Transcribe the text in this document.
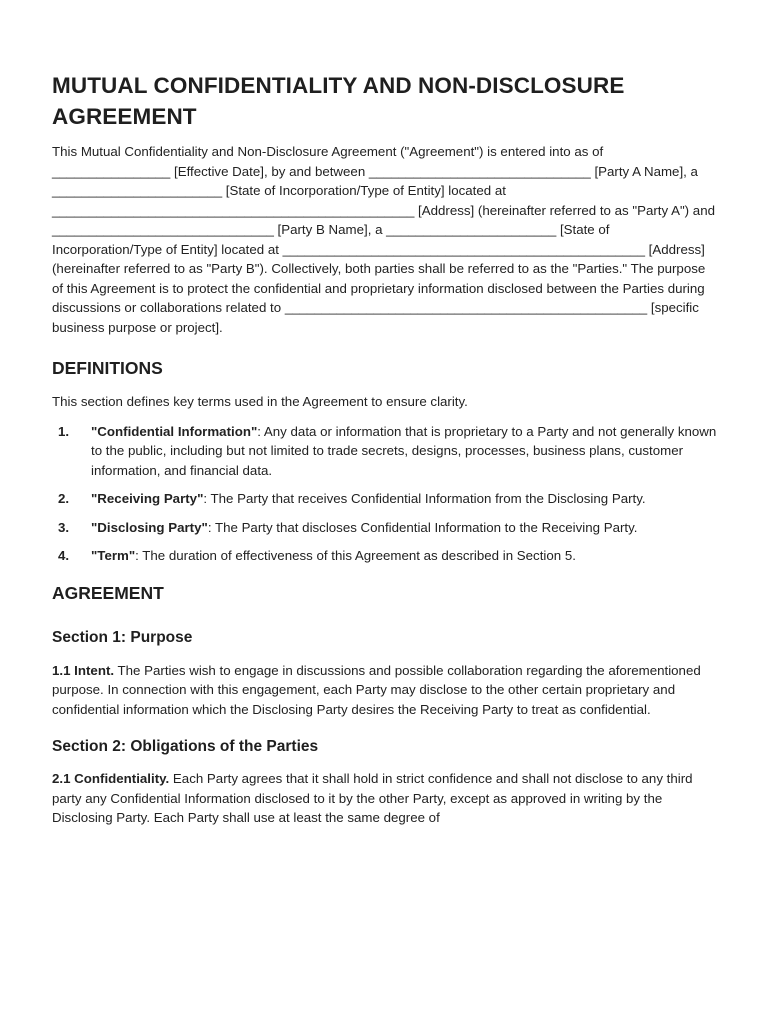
MUTUAL CONFIDENTIALITY AND NON-DISCLOSURE AGREEMENT

This Mutual Confidentiality and Non-Disclosure Agreement ("Agreement") is entered into as of ________________ [Effective Date], by and between ______________________________ [Party A Name], a _______________________ [State of Incorporation/Type of Entity] located at _________________________________________________ [Address] (hereinafter referred to as "Party A") and ______________________________ [Party B Name], a _______________________ [State of Incorporation/Type of Entity] located at _________________________________________________ [Address] (hereinafter referred to as "Party B"). Collectively, both parties shall be referred to as the "Parties." The purpose of this Agreement is to protect the confidential and proprietary information disclosed between the Parties during discussions or collaborations related to _________________________________________________ [specific business purpose or project].

DEFINITIONS

This section defines key terms used in the Agreement to ensure clarity.

1. "Confidential Information": Any data or information that is proprietary to a Party and not generally known to the public, including but not limited to trade secrets, designs, processes, business plans, customer information, and financial data.
2. "Receiving Party": The Party that receives Confidential Information from the Disclosing Party.
3. "Disclosing Party": The Party that discloses Confidential Information to the Receiving Party.
4. "Term": The duration of effectiveness of this Agreement as described in Section 5.
AGREEMENT
Section 1: Purpose

1.1 Intent. The Parties wish to engage in discussions and possible collaboration regarding the aforementioned purpose. In connection with this engagement, each Party may disclose to the other certain proprietary and confidential information which the Disclosing Party desires the Receiving Party to treat as confidential.

Section 2: Obligations of the Parties

2.1 Confidentiality. Each Party agrees that it shall hold in strict confidence and shall not disclose to any third party any Confidential Information disclosed to it by the other Party, except as approved in writing by the Disclosing Party. Each Party shall use at least the same degree of
